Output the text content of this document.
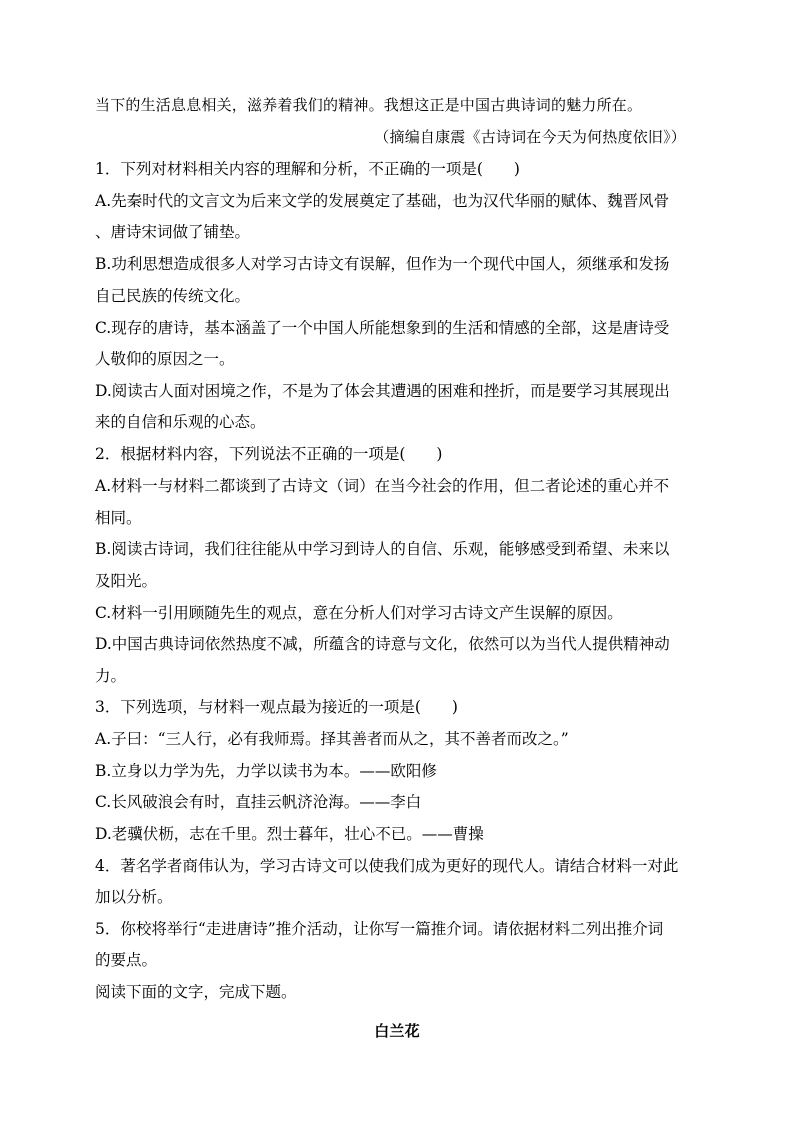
当下的生活息息相关，滋养着我们的精神。我想这正是中国古典诗词的魅力所在。
（摘编自康震《古诗词在今天为何热度依旧》）
1．下列对材料相关内容的理解和分析，不正确的一项是(　　)
A.先秦时代的文言文为后来文学的发展奠定了基础，也为汉代华丽的赋体、魏晋风骨
、唐诗宋词做了铺垫。
B.功利思想造成很多人对学习古诗文有误解，但作为一个现代中国人，须继承和发扬
自己民族的传统文化。
C.现存的唐诗，基本涵盖了一个中国人所能想象到的生活和情感的全部，这是唐诗受
人敬仰的原因之一。
D.阅读古人面对困境之作，不是为了体会其遭遇的困难和挫折，而是要学习其展现出
来的自信和乐观的心态。
2．根据材料内容，下列说法不正确的一项是(　　)
A.材料一与材料二都谈到了古诗文（词）在当今社会的作用，但二者论述的重心并不
相同。
B.阅读古诗词，我们往往能从中学习到诗人的自信、乐观，能够感受到希望、未来以
及阳光。
C.材料一引用顾随先生的观点，意在分析人们对学习古诗文产生误解的原因。
D.中国古典诗词依然热度不减，所蕴含的诗意与文化，依然可以为当代人提供精神动
力。
3．下列选项，与材料一观点最为接近的一项是(　　)
A.子曰：“三人行，必有我师焉。择其善者而从之，其不善者而改之。”
B.立身以力学为先，力学以读书为本。——欧阳修
C.长风破浪会有时，直挂云帆济沧海。——李白
D.老骥伏枥，志在千里。烈士暮年，壮心不已。——曹操
4．著名学者商伟认为，学习古诗文可以使我们成为更好的现代人。请结合材料一对此
加以分析。
5．你校将举行“走进唐诗”推介活动，让你写一篇推介词。请依据材料二列出推介词
的要点。
阅读下面的文字，完成下题。
白兰花
